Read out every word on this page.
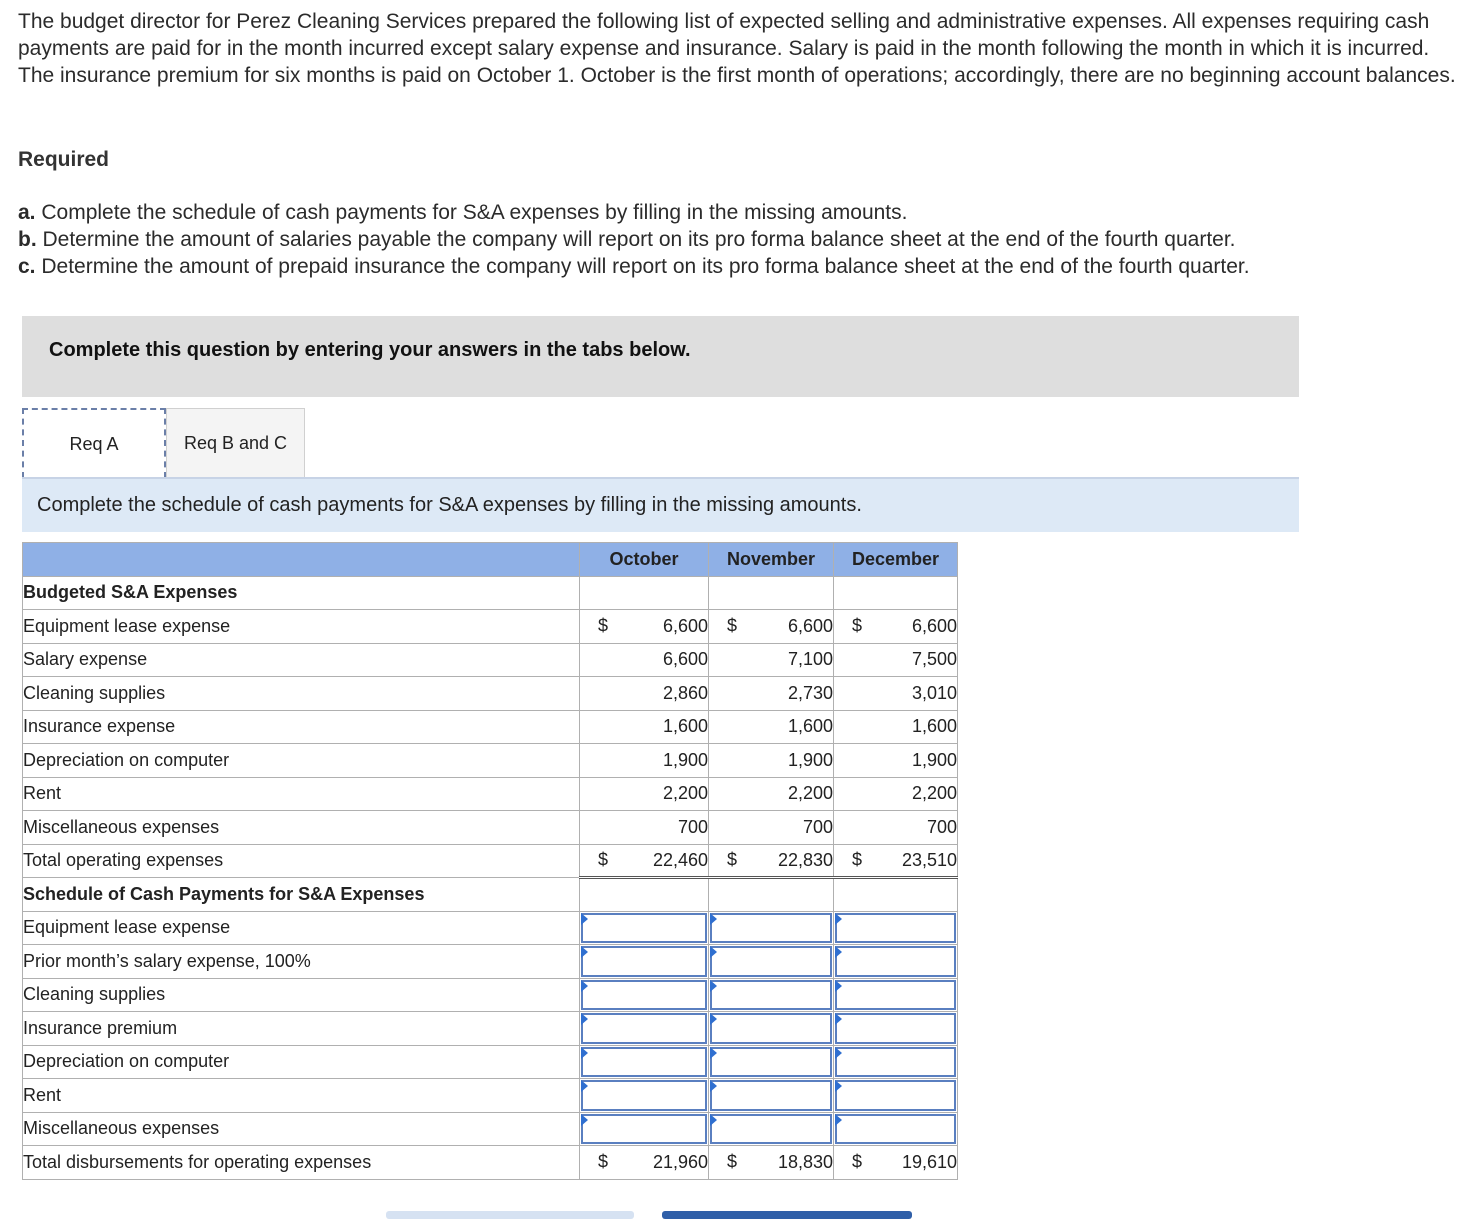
The budget director for Perez Cleaning Services prepared the following list of expected selling and administrative expenses. All expenses requiring cash payments are paid for in the month incurred except salary expense and insurance. Salary is paid in the month following the month in which it is incurred. The insurance premium for six months is paid on October 1. October is the first month of operations; accordingly, there are no beginning account balances.

Required
a. Complete the schedule of cash payments for S&A expenses by filling in the missing amounts.
b. Determine the amount of salaries payable the company will report on its pro forma balance sheet at the end of the fourth quarter.
c. Determine the amount of prepaid insurance the company will report on its pro forma balance sheet at the end of the fourth quarter.
Complete this question by entering your answers in the tabs below.
Req A	Req B and C
Complete the schedule of cash payments for S&A expenses by filling in the missing amounts.
	October	November	December
Budgeted S&A Expenses			
Equipment lease expense	$ 6,600	$ 6,600	$ 6,600
Salary expense	6,600	7,100	7,500
Cleaning supplies	2,860	2,730	3,010
Insurance expense	1,600	1,600	1,600
Depreciation on computer	1,900	1,900	1,900
Rent	2,200	2,200	2,200
Miscellaneous expenses	700	700	700
Total operating expenses	$ 22,460	$ 22,830	$ 23,510
Schedule of Cash Payments for S&A Expenses			
Equipment lease expense	

Prior month’s salary expense, 100%	

Cleaning supplies	

Insurance premium	

Depreciation on computer	

Rent	

Miscellaneous expenses	

Total disbursements for operating expenses	$ 21,960	$ 18,830	$ 19,610
